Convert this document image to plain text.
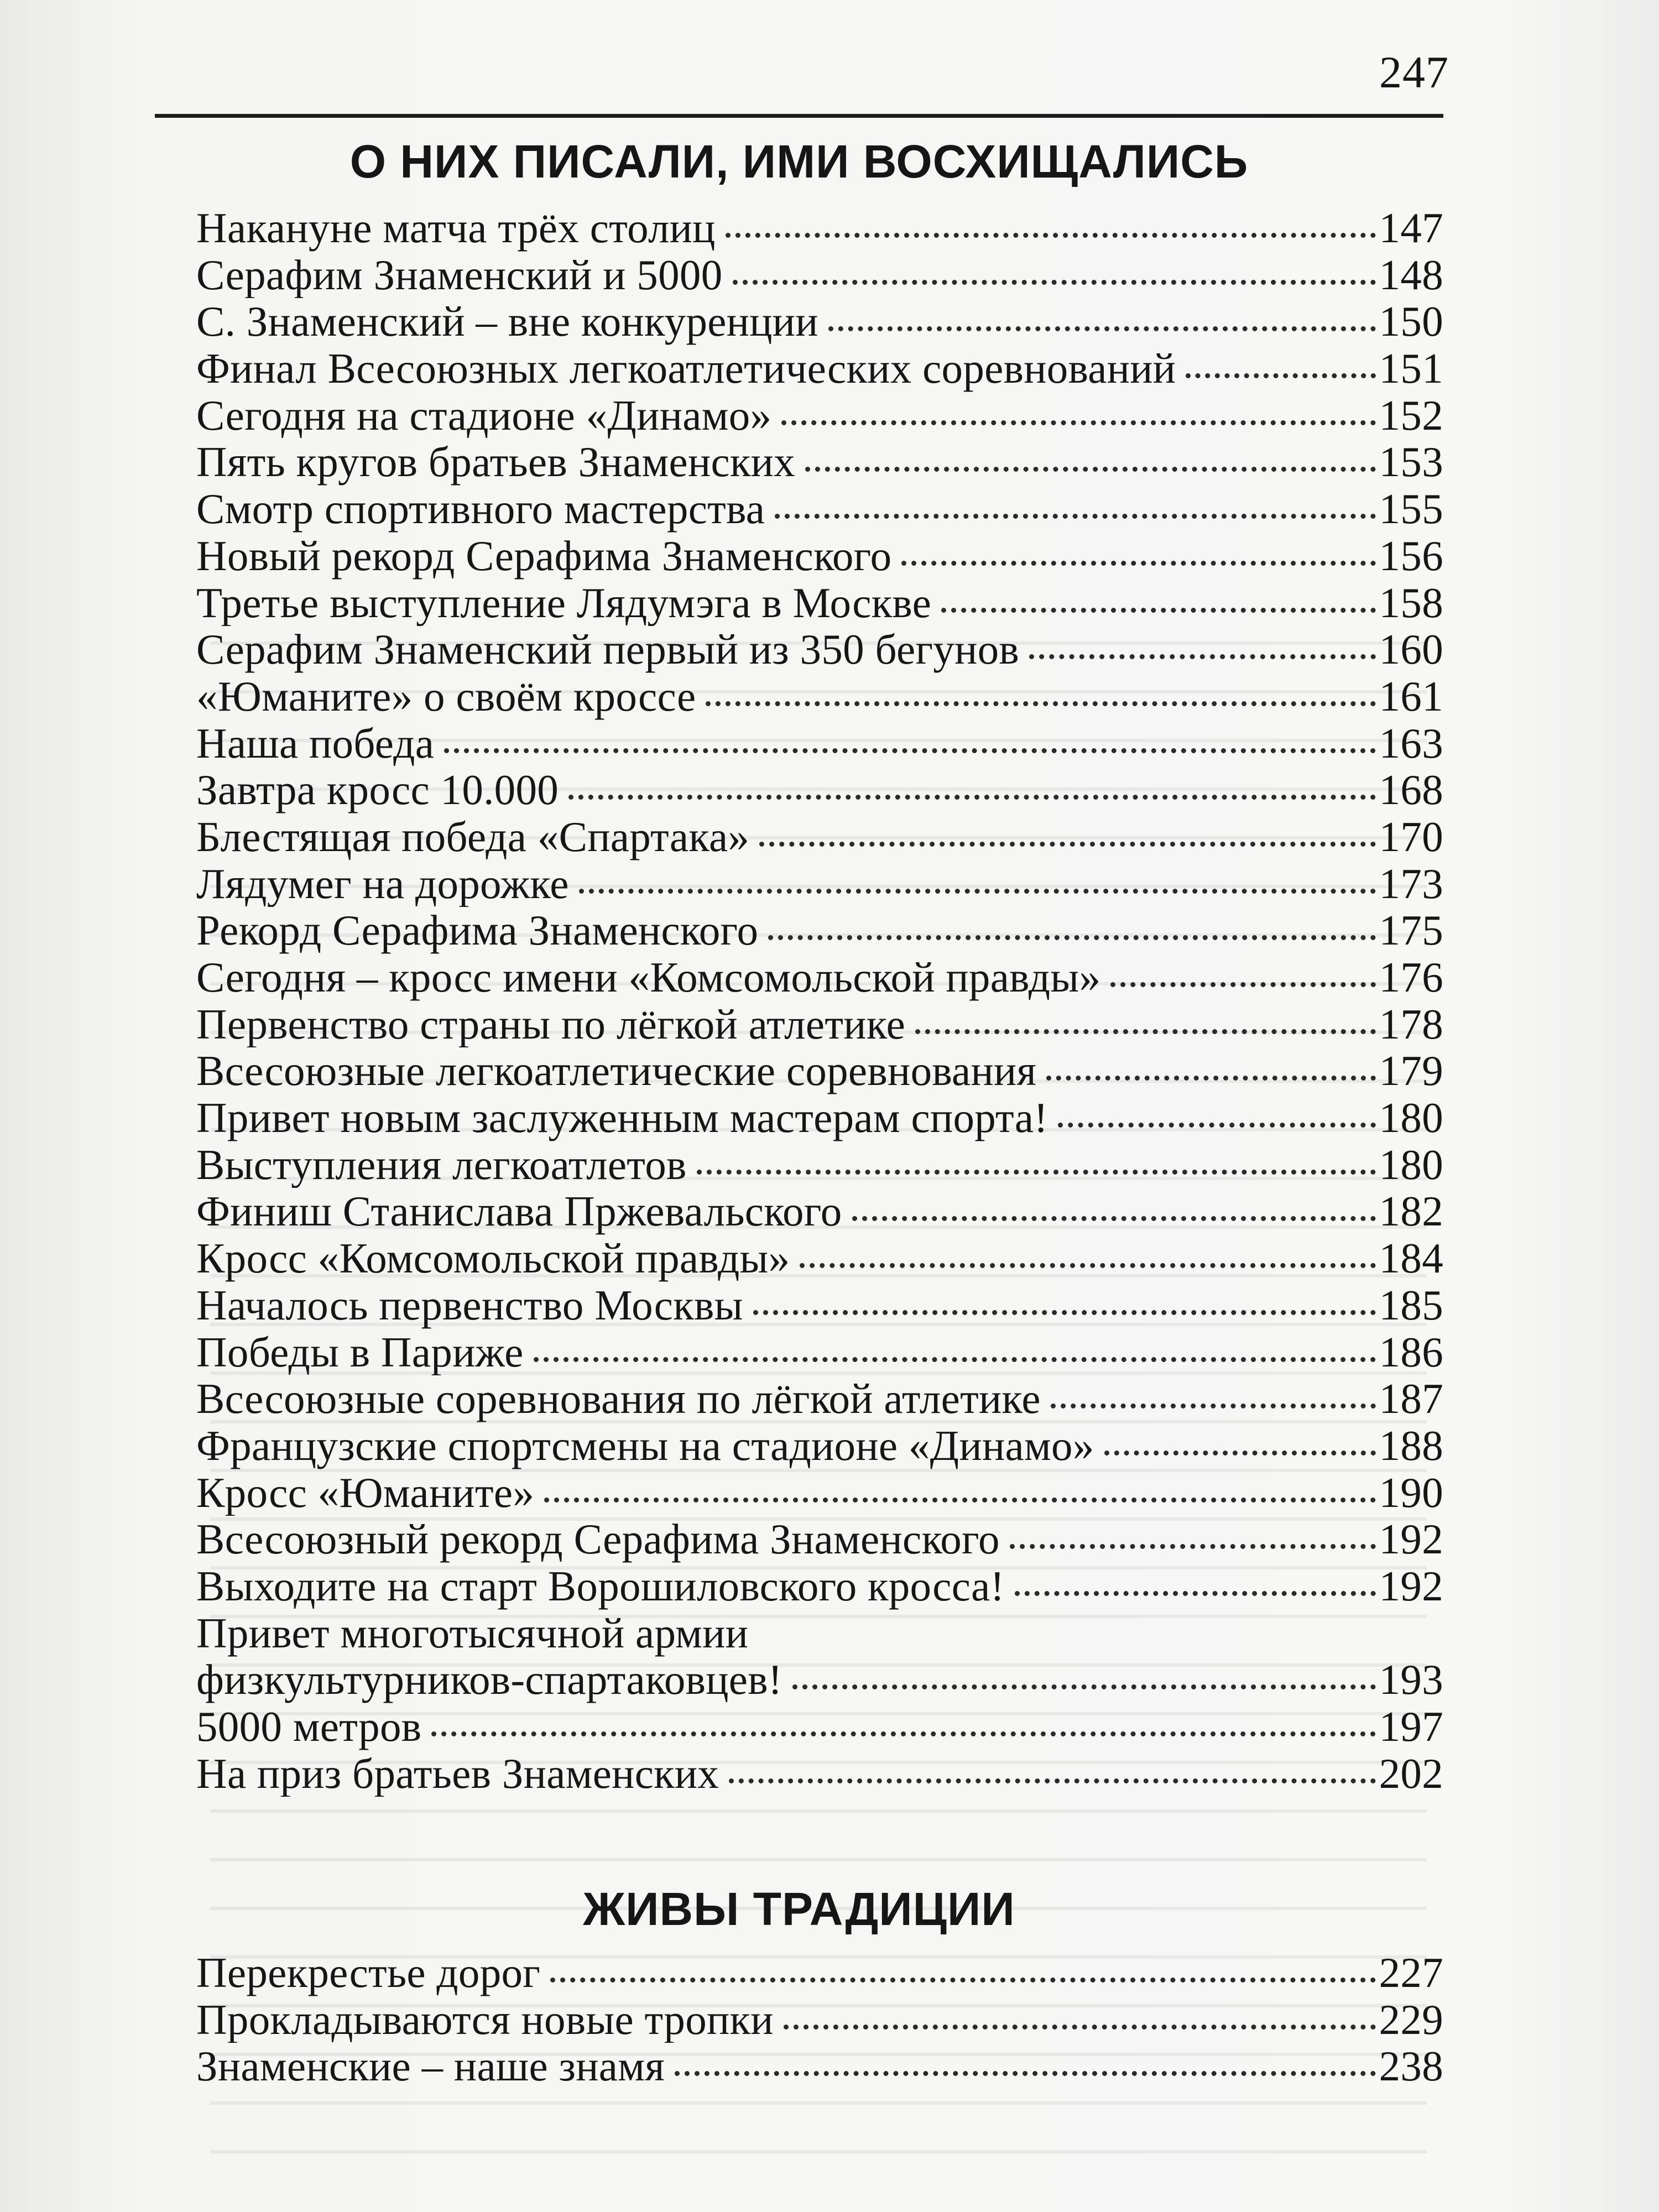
247
О НИХ ПИСАЛИ, ИМИ ВОСХИЩАЛИСЬ
Накануне матча трёх столиц	147
Серафим Знаменский и 5000	148
С. Знаменский – вне конкуренции	150
Финал Всесоюзных легкоатлетических соревнований	151
Сегодня на стадионе «Динамо»	152
Пять кругов братьев Знаменских	153
Смотр спортивного мастерства	155
Новый рекорд Серафима Знаменского	156
Третье выступление Лядумэга в Москве	158
Серафим Знаменский первый из 350 бегунов	160
«Юманите» о своём кроссе	161
Наша победа	163
Завтра кросс 10.000	168
Блестящая победа «Спартака»	170
Лядумег на дорожке	173
Рекорд Серафима Знаменского	175
Сегодня – кросс имени «Комсомольской правды»	176
Первенство страны по лёгкой атлетике	178
Всесоюзные легкоатлетические соревнования	179
Привет новым заслуженным мастерам спорта!	180
Выступления легкоатлетов	180
Финиш Станислава Пржевальского	182
Кросс «Комсомольской правды»	184
Началось первенство Москвы	185
Победы в Париже	186
Всесоюзные соревнования по лёгкой атлетике	187
Французские спортсмены на стадионе «Динамо»	188
Кросс «Юманите»	190
Всесоюзный рекорд Серафима Знаменского	192
Выходите на старт Ворошиловского кросса!	192
Привет многотысячной армии
физкультурников-спартаковцев!	193
5000 метров	197
На приз братьев Знаменских	202
ЖИВЫ ТРАДИЦИИ
Перекрестье дорог	227
Прокладываются новые тропки	229
Знаменские – наше знамя	238
